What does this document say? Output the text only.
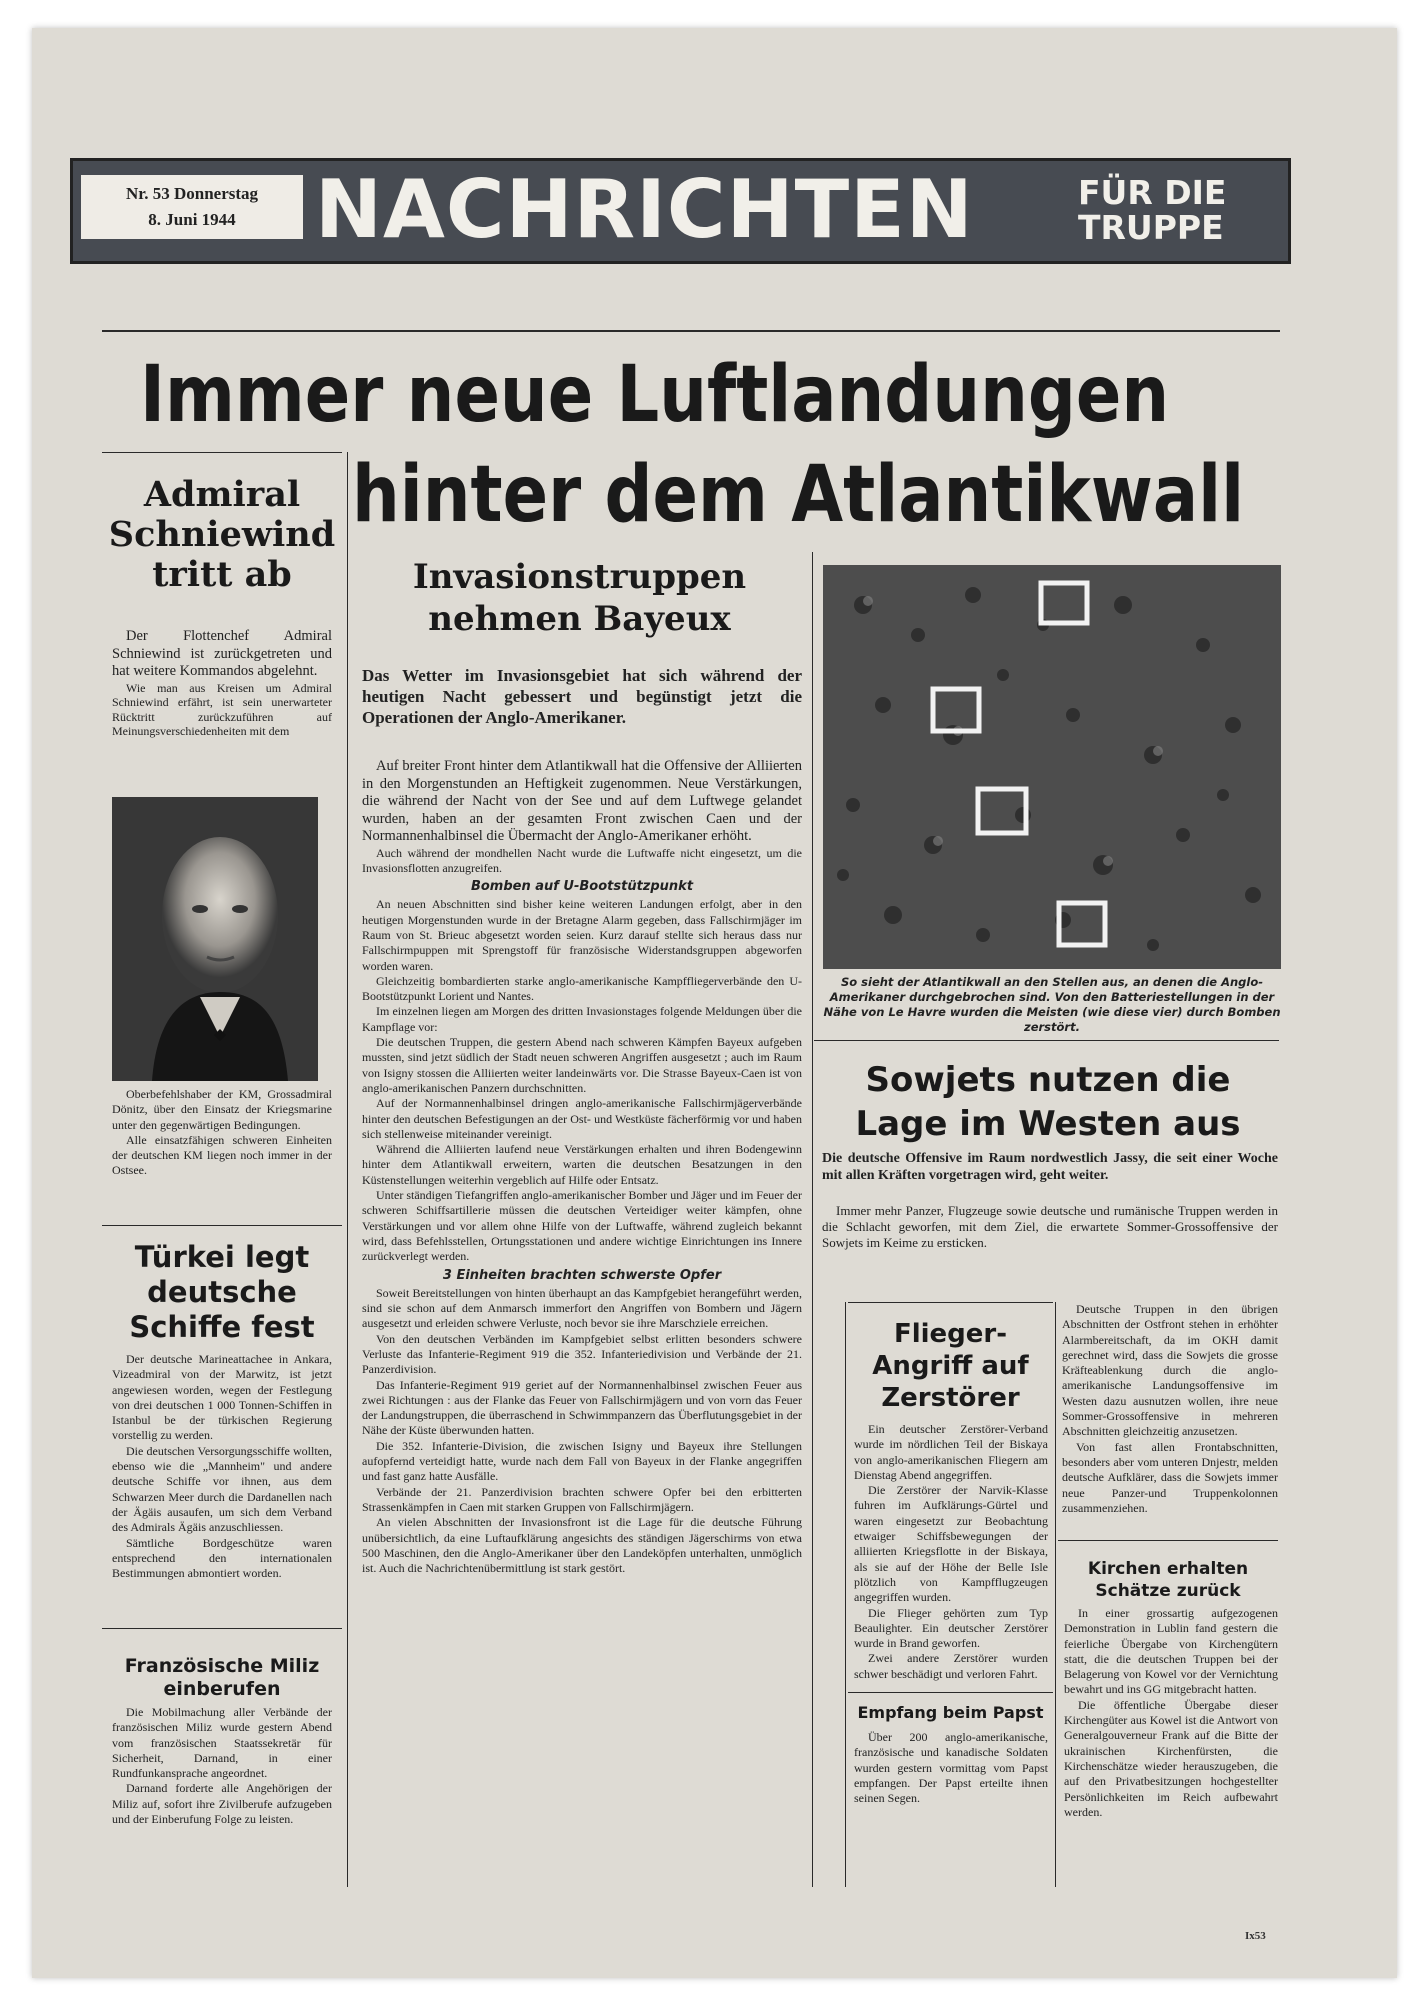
Nr. 53 Donnerstag
8. Juni 1944 NACHRICHTEN	FÜR DIE
TRUPPE
Immer neue Luftlandungen
hinter dem Atlantikwall
Admiral
Schniewind
tritt ab

Der Flottenchef Admiral Schniewind ist zurückgetreten und hat weitere Kommandos abgelehnt.

Wie man aus Kreisen um Admiral Schniewind erfährt, ist sein unerwarteter Rücktritt zurückzuführen auf Meinungsverschiedenheiten mit dem

Oberbefehlshaber der KM, Grossadmiral Dönitz, über den Einsatz der Kriegsmarine unter den gegenwärtigen Bedingungen.

Alle einsatzfähigen schweren Einheiten der deutschen KM liegen noch immer in der Ostsee.

Türkei legt
deutsche
Schiffe fest

Der deutsche Marineattachee in Ankara, Vizeadmiral von der Marwitz, ist jetzt angewiesen worden, wegen der Festlegung von drei deutschen 1 000 Tonnen-Schiffen in Istanbul be der türkischen Regierung vorstellig zu werden.

Die deutschen Versorgungsschiffe wollten, ebenso wie die „Mannheim" und andere deutsche Schiffe vor ihnen, aus dem Schwarzen Meer durch die Dardanellen nach der Ägäis ausaufen, um sich dem Verband des Admirals Ägäis anzuschliessen.

Sämtliche Bordgeschütze waren entsprechend den internationalen Bestimmungen abmontiert worden.

Französische Miliz
einberufen

Die Mobilmachung aller Verbände der französischen Miliz wurde gestern Abend vom französischen Staatssekretär für Sicherheit, Darnand, in einer Rundfunkansprache angeordnet.

Darnand forderte alle Angehörigen der Miliz auf, sofort ihre Zivilberufe aufzugeben und der Einberufung Folge zu leisten.

Invasionstruppen
nehmen Bayeux

Das Wetter im Invasionsgebiet hat sich während der heutigen Nacht gebessert und begünstigt jetzt die Operationen der Anglo-Amerikaner.

Auf breiter Front hinter dem Atlantikwall hat die Offensive der Alliierten in den Morgenstunden an Heftigkeit zugenommen. Neue Verstärkungen, die während der Nacht von der See und auf dem Luftwege gelandet wurden, haben an der gesamten Front zwischen Caen und der Normannenhalbinsel die Übermacht der Anglo-Amerikaner erhöht.

Auch während der mondhellen Nacht wurde die Luftwaffe nicht eingesetzt, um die Invasionsflotten anzugreifen.

Bomben auf U-Bootstützpunkt

An neuen Abschnitten sind bisher keine weiteren Landungen erfolgt, aber in den heutigen Morgenstunden wurde in der Bretagne Alarm gegeben, dass Fallschirmjäger im Raum von St. Brieuc abgesetzt worden seien. Kurz darauf stellte sich heraus dass nur Fallschirmpuppen mit Sprengstoff für französische Widerstandsgruppen abgeworfen worden waren.

Gleichzeitig bombardierten starke anglo-amerikanische Kampffliegerverbände den U-Bootstützpunkt Lorient und Nantes.

Im einzelnen liegen am Morgen des dritten Invasionstages folgende Meldungen über die Kampflage vor:

Die deutschen Truppen, die gestern Abend nach schweren Kämpfen Bayeux aufgeben mussten, sind jetzt südlich der Stadt neuen schweren Angriffen ausgesetzt ; auch im Raum von Isigny stossen die Alliierten weiter landeinwärts vor. Die Strasse Bayeux-Caen ist von anglo-amerikanischen Panzern durchschnitten.

Auf der Normannenhalbinsel dringen anglo-amerikanische Fallschirmjägerverbände hinter den deutschen Befestigungen an der Ost- und Westküste fächerförmig vor und haben sich stellenweise miteinander vereinigt.

Während die Alliierten laufend neue Verstärkungen erhalten und ihren Bodengewinn hinter dem Atlantikwall erweitern, warten die deutschen Besatzungen in den Küstenstellungen weiterhin vergeblich auf Hilfe oder Entsatz.

Unter ständigen Tiefangriffen anglo-amerikanischer Bomber und Jäger und im Feuer der schweren Schiffsartillerie müssen die deutschen Verteidiger weiter kämpfen, ohne Verstärkungen und vor allem ohne Hilfe von der Luftwaffe, während zugleich bekannt wird, dass Befehlsstellen, Ortungsstationen und andere wichtige Einrichtungen ins Innere zurückverlegt werden.

3 Einheiten brachten schwerste Opfer

Soweit Bereitstellungen von hinten überhaupt an das Kampfgebiet herangeführt werden, sind sie schon auf dem Anmarsch immerfort den Angriffen von Bombern und Jägern ausgesetzt und erleiden schwere Verluste, noch bevor sie ihre Marschziele erreichen.

Von den deutschen Verbänden im Kampfgebiet selbst erlitten besonders schwere Verluste das Infanterie-Regiment 919 die 352. Infanteriedivision und Verbände der 21. Panzerdivision.

Das Infanterie-Regiment 919 geriet auf der Normannenhalbinsel zwischen Feuer aus zwei Richtungen : aus der Flanke das Feuer von Fallschirmjägern und von vorn das Feuer der Landungstruppen, die überraschend in Schwimmpanzern das Überflutungsgebiet in der Nähe der Küste überwunden hatten.

Die 352. Infanterie-Division, die zwischen Isigny und Bayeux ihre Stellungen aufopfernd verteidigt hatte, wurde nach dem Fall von Bayeux in der Flanke angegriffen und fast ganz hatte Ausfälle.

Verbände der 21. Panzerdivision brachten schwere Opfer bei den erbitterten Strassenkämpfen in Caen mit starken Gruppen von Fallschirmjägern.

An vielen Abschnitten der Invasionsfront ist die Lage für die deutsche Führung unübersichtlich, da eine Luftaufklärung angesichts des ständigen Jägerschirms von etwa 500 Maschinen, den die Anglo-Amerikaner über den Landeköpfen unterhalten, unmöglich ist. Auch die Nachrichtenübermittlung ist stark gestört.

So sieht der Atlantikwall an den Stellen aus, an denen die Anglo-Amerikaner durchgebrochen sind. Von den Batteriestellungen in der Nähe von Le Havre wurden die Meisten (wie diese vier) durch Bomben zerstört.
Sowjets nutzen die
Lage im Westen aus

Die deutsche Offensive im Raum nordwestlich Jassy, die seit einer Woche mit allen Kräften vorgetragen wird, geht weiter.

Immer mehr Panzer, Flugzeuge sowie deutsche und rumänische Truppen werden in die Schlacht geworfen, mit dem Ziel, die erwartete Sommer-Grossoffensive der Sowjets im Keime zu ersticken.

Deutsche Truppen in den übrigen Abschnitten der Ostfront stehen in erhöhter Alarmbereitschaft, da im OKH damit gerechnet wird, dass die Sowjets die grosse Kräfteablenkung durch die anglo-amerikanische Landungsoffensive im Westen dazu ausnutzen wollen, ihre neue Sommer-Grossoffensive in mehreren Abschnitten gleichzeitig anzusetzen.

Von fast allen Frontabschnitten, besonders aber vom unteren Dnjestr, melden deutsche Aufklärer, dass die Sowjets immer neue Panzer-und Truppenkolonnen zusammenziehen.

Flieger-
Angriff auf
Zerstörer

Ein deutscher Zerstörer-Verband wurde im nördlichen Teil der Biskaya von anglo-amerikanischen Fliegern am Dienstag Abend angegriffen.

Die Zerstörer der Narvik-Klasse fuhren im Aufklärungs-Gürtel und waren eingesetzt zur Beobachtung etwaiger Schiffsbewegungen der alliierten Kriegsflotte in der Biskaya, als sie auf der Höhe der Belle Isle plötzlich von Kampfflugzeugen angegriffen wurden.

Die Flieger gehörten zum Typ Beaulighter. Ein deutscher Zerstörer wurde in Brand geworfen.

Zwei andere Zerstörer wurden schwer beschädigt und verloren Fahrt.

Empfang beim Papst

Über 200 anglo-amerikanische, französische und kanadische Soldaten wurden gestern vormittag vom Papst empfangen. Der Papst erteilte ihnen seinen Segen.

Kirchen erhalten
Schätze zurück

In einer grossartig aufgezogenen Demonstration in Lublin fand gestern die feierliche Übergabe von Kirchengütern statt, die die deutschen Truppen bei der Belagerung von Kowel vor der Vernichtung bewahrt und ins GG mitgebracht hatten.

Die öffentliche Übergabe dieser Kirchengüter aus Kowel ist die Antwort von Generalgouverneur Frank auf die Bitte der ukrainischen Kirchenfürsten, die Kirchenschätze wieder herauszugeben, die auf den Privatbesitzungen hochgestellter Persönlichkeiten im Reich aufbewahrt werden.

Ix53
